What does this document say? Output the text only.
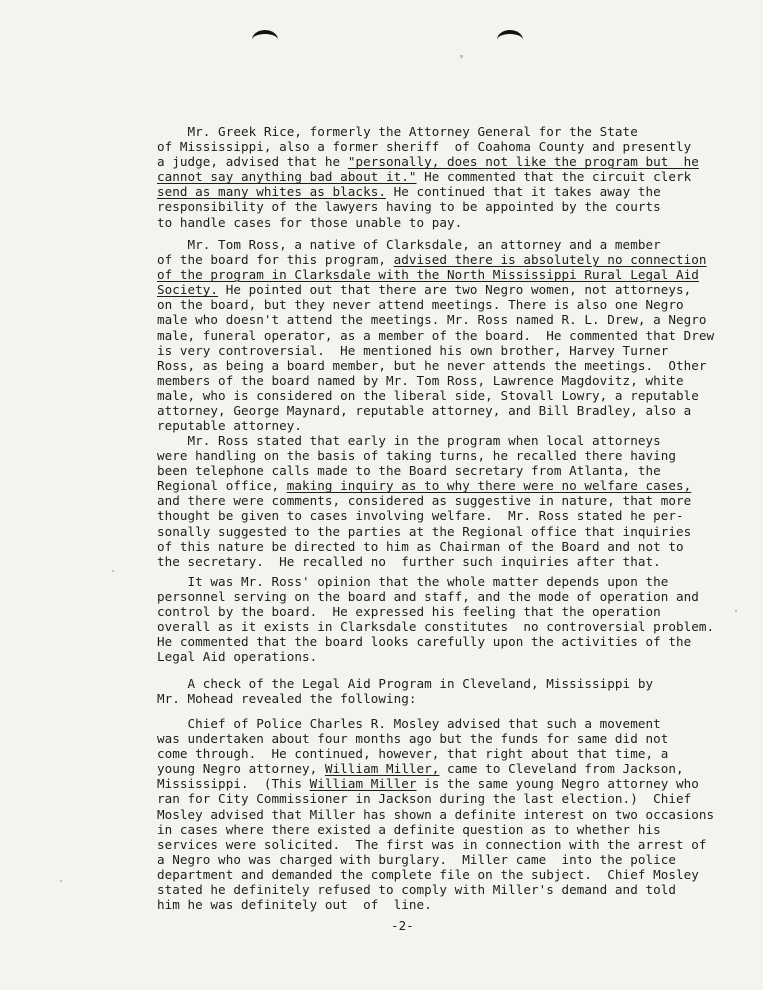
Mr. Greek Rice, formerly the Attorney General for the State
of Mississippi, also a former sheriff  of Coahoma County and presently
a judge, advised that he "personally, does not like the program but  he
cannot say anything bad about it." He commented that the circuit clerk
send as many whites as blacks. He continued that it takes away the
responsibility of the lawyers having to be appointed by the courts
to handle cases for those unable to pay.
Mr. Tom Ross, a native of Clarksdale, an attorney and a member
of the board for this program, advised there is absolutely no connection
of the program in Clarksdale with the North Mississippi Rural Legal Aid
Society. He pointed out that there are two Negro women, not attorneys,
on the board, but they never attend meetings. There is also one Negro
male who doesn't attend the meetings. Mr. Ross named R. L. Drew, a Negro
male, funeral operator, as a member of the board.  He commented that Drew
is very controversial.  He mentioned his own brother, Harvey Turner
Ross, as being a board member, but he never attends the meetings.  Other
members of the board named by Mr. Tom Ross, Lawrence Magdovitz, white
male, who is considered on the liberal side, Stovall Lowry, a reputable
attorney, George Maynard, reputable attorney, and Bill Bradley, also a
reputable attorney.
Mr. Ross stated that early in the program when local attorneys
were handling on the basis of taking turns, he recalled there having
been telephone calls made to the Board secretary from Atlanta, the
Regional office, making inquiry as to why there were no welfare cases,
and there were comments, considered as suggestive in nature, that more
thought be given to cases involving welfare.  Mr. Ross stated he per-
sonally suggested to the parties at the Regional office that inquiries
of this nature be directed to him as Chairman of the Board and not to
the secretary.  He recalled no  further such inquiries after that.
It was Mr. Ross' opinion that the whole matter depends upon the
personnel serving on the board and staff, and the mode of operation and
control by the board.  He expressed his feeling that the operation
overall as it exists in Clarksdale constitutes  no controversial problem.
He commented that the board looks carefully upon the activities of the
Legal Aid operations.
A check of the Legal Aid Program in Cleveland, Mississippi by
Mr. Mohead revealed the following:
Chief of Police Charles R. Mosley advised that such a movement
was undertaken about four months ago but the funds for same did not
come through.  He continued, however, that right about that time, a
young Negro attorney, William Miller, came to Cleveland from Jackson,
Mississippi.  (This William Miller is the same young Negro attorney who
ran for City Commissioner in Jackson during the last election.)  Chief
Mosley advised that Miller has shown a definite interest on two occasions
in cases where there existed a definite question as to whether his
services were solicited.  The first was in connection with the arrest of
a Negro who was charged with burglary.  Miller came  into the police
department and demanded the complete file on the subject.  Chief Mosley
stated he definitely refused to comply with Miller's demand and told
him he was definitely out  of  line.
-2-
